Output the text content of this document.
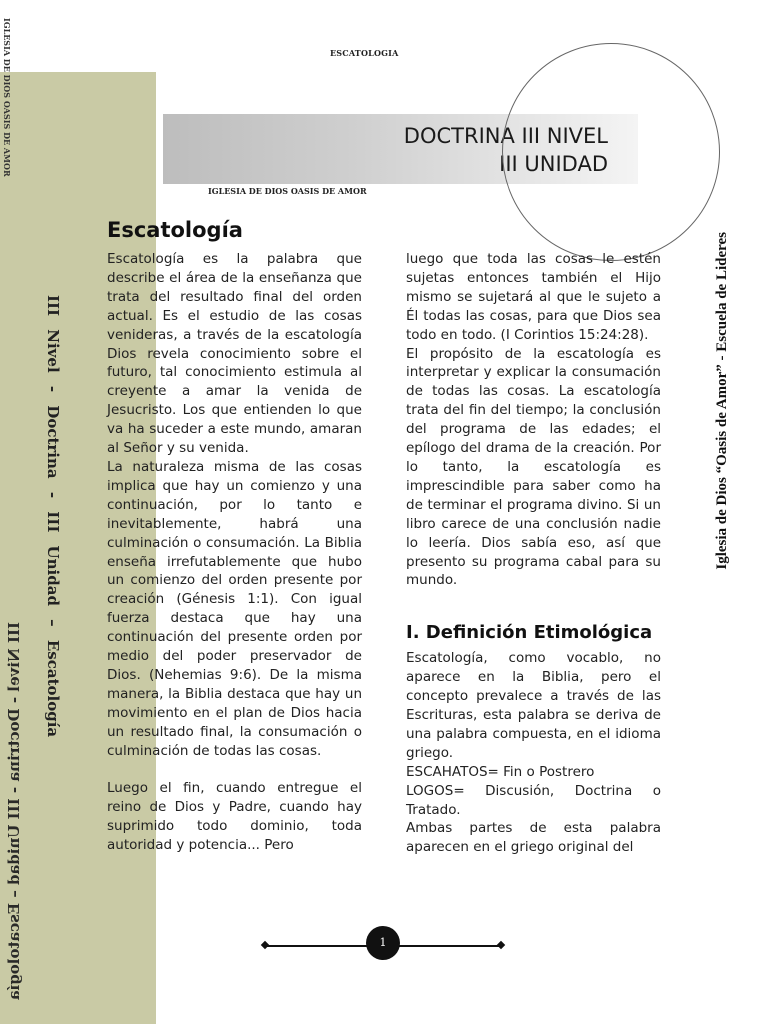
IGLESIA DE DIOS OASIS DE AMOR
III Nivel - Doctrina - III Unidad – Escatología
III Nivel - Doctrina - III Unidad – Escatología
Iglesia de Dios “Oasis de Amor” - Escuela de Lideres
ESCATOLOGIA
DOCTRINA III NIVEL
III UNIDAD
IGLESIA DE DIOS OASIS DE AMOR
Escatología

Escatología es la palabra que describe el área de la enseñanza que trata del resultado final del orden actual. Es el estudio de las cosas venideras, a través de la escatología Dios revela conocimiento sobre el futuro, tal conocimiento estimula al creyente a amar la venida de Jesucristo. Los que entienden lo que va ha suceder a este mundo, amaran al Señor y su venida.

La naturaleza misma de las cosas implica que hay un comienzo y una continuación, por lo tanto e inevitablemente, habrá una culminación o consumación. La Biblia enseña irrefutablemente que hubo un comienzo del orden presente por creación (Génesis 1:1). Con igual fuerza destaca que hay una continuación del presente orden por medio del poder preservador de Dios. (Nehemias 9:6). De la misma manera, la Biblia destaca que hay un movimiento en el plan de Dios hacia un resultado final, la consumación o culminación de todas las cosas.

Luego el fin, cuando entregue el reino de Dios y Padre, cuando hay suprimido todo dominio, toda autoridad y potencia... Pero

luego que toda las cosas le estén sujetas entonces también el Hijo mismo se sujetará al que le sujeto a Él todas las cosas, para que Dios sea todo en todo. (I Corintios 15:24:28).

El propósito de la escatología es interpretar y explicar la consumación de todas las cosas. La escatología trata del fin del tiempo; la conclusión del programa de las edades; el epílogo del drama de la creación. Por lo tanto, la escatología es imprescindible para saber como ha de terminar el programa divino. Si un libro carece de una conclusión nadie lo leería. Dios sabía eso, así que presento su programa cabal para su mundo.

I. Definición Etimológica

Escatología, como vocablo, no aparece en la Biblia, pero el concepto prevalece a través de las Escrituras, esta palabra se deriva de una palabra compuesta, en el idioma griego.

ESCAHATOS= Fin o Postrero

LOGOS= Discusión, Doctrina o Tratado.

Ambas partes de esta palabra aparecen en el griego original del

1
